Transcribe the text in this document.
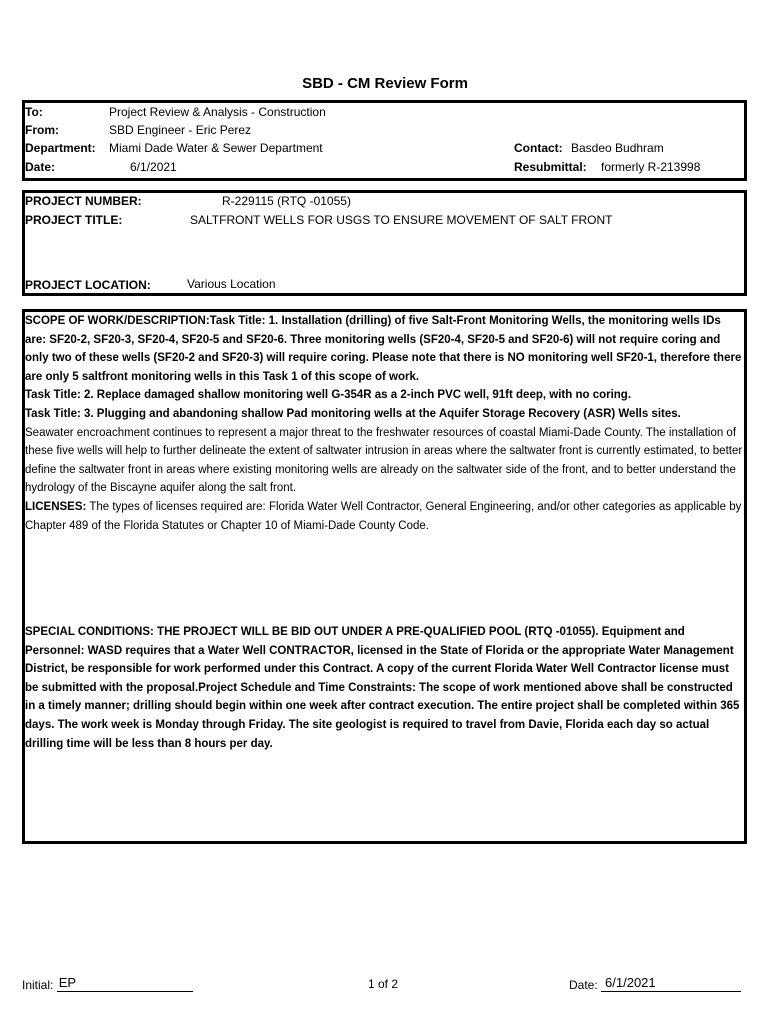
SBD - CM Review Form
To:	Project Review & Analysis - Construction
From:	SBD Engineer - Eric Perez
Department: Miami Dade Water & Sewer Department
Date:	6/1/2021
Contact: Basdeo Budhram
Resubmittal: formerly R-213998
PROJECT NUMBER:	R-229115 (RTQ -01055)
PROJECT TITLE:	SALTFRONT WELLS FOR USGS TO ENSURE MOVEMENT OF SALT FRONT
PROJECT LOCATION:	Various Location

SCOPE OF WORK/DESCRIPTION:Task Title: 1. Installation (drilling) of five Salt-Front Monitoring Wells, the monitoring wells IDs are: SF20-2, SF20-3, SF20-4, SF20-5 and SF20-6. Three monitoring wells (SF20-4, SF20-5 and SF20-6) will not require coring and only two of these wells (SF20-2 and SF20-3) will require coring. Please note that there is NO monitoring well SF20-1, therefore there are only 5 saltfront monitoring wells in this Task 1 of this scope of work.

Task Title: 2. Replace damaged shallow monitoring well G-354R as a 2-inch PVC well, 91ft deep, with no coring.

Task Title: 3. Plugging and abandoning shallow Pad monitoring wells at the Aquifer Storage Recovery (ASR) Wells sites.

Seawater encroachment continues to represent a major threat to the freshwater resources of coastal Miami-Dade County. The installation of these five wells will help to further delineate the extent of saltwater intrusion in areas where the saltwater front is currently estimated, to better define the saltwater front in areas where existing monitoring wells are already on the saltwater side of the front, and to better understand the hydrology of the Biscayne aquifer along the salt front.

LICENSES: The types of licenses required are: Florida Water Well Contractor, General Engineering, and/or other categories as applicable by Chapter 489 of the Florida Statutes or Chapter 10 of Miami-Dade County Code.

SPECIAL CONDITIONS: THE PROJECT WILL BE BID OUT UNDER A PRE-QUALIFIED POOL (RTQ -01055). Equipment and Personnel: WASD requires that a Water Well CONTRACTOR, licensed in the State of Florida or the appropriate Water Management District, be responsible for work performed under this Contract. A copy of the current Florida Water Well Contractor license must be submitted with the proposal.Project Schedule and Time Constraints: The scope of work mentioned above shall be constructed in a timely manner; drilling should begin within one week after contract execution. The entire project shall be completed within 365 days. The work week is Monday through Friday. The site geologist is required to travel from Davie, Florida each day so actual drilling time will be less than 8 hours per day.
Initial: EP	1 of 2	Date: 6/1/2021
